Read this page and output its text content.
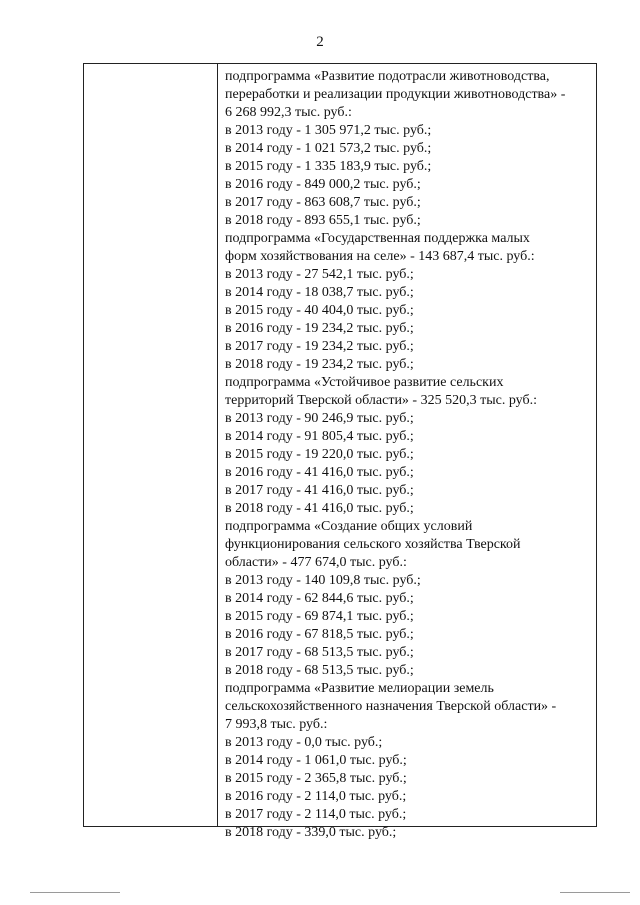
2
подпрограмма «Развитие подотрасли животноводства,
переработки и реализации продукции животноводства» -
6 268 992,3 тыс. руб.:
в 2013 году - 1 305 971,2 тыс. руб.;
в 2014 году - 1 021 573,2 тыс. руб.;
в 2015 году - 1 335 183,9 тыс. руб.;
в 2016 году - 849 000,2 тыс. руб.;
в 2017 году - 863 608,7 тыс. руб.;
в 2018 году - 893 655,1 тыс. руб.;
подпрограмма «Государственная поддержка малых
форм хозяйствования на селе» - 143 687,4 тыс. руб.:
в 2013 году - 27 542,1 тыс. руб.;
в 2014 году - 18 038,7 тыс. руб.;
в 2015 году - 40 404,0 тыс. руб.;
в 2016 году - 19 234,2 тыс. руб.;
в 2017 году - 19 234,2 тыс. руб.;
в 2018 году - 19 234,2 тыс. руб.;
подпрограмма «Устойчивое развитие сельских
территорий Тверской области» - 325 520,3 тыс. руб.:
в 2013 году - 90 246,9 тыс. руб.;
в 2014 году - 91 805,4 тыс. руб.;
в 2015 году - 19 220,0 тыс. руб.;
в 2016 году - 41 416,0 тыс. руб.;
в 2017 году - 41 416,0 тыс. руб.;
в 2018 году - 41 416,0 тыс. руб.;
подпрограмма «Создание общих условий
функционирования сельского хозяйства Тверской
области» - 477 674,0 тыс. руб.:
в 2013 году - 140 109,8 тыс. руб.;
в 2014 году - 62 844,6 тыс. руб.;
в 2015 году - 69 874,1 тыс. руб.;
в 2016 году - 67 818,5 тыс. руб.;
в 2017 году - 68 513,5 тыс. руб.;
в 2018 году - 68 513,5 тыс. руб.;
подпрограмма «Развитие мелиорации земель
сельскохозяйственного назначения Тверской области» -
7 993,8 тыс. руб.:
в 2013 году - 0,0 тыс. руб.;
в 2014 году - 1 061,0 тыс. руб.;
в 2015 году - 2 365,8 тыс. руб.;
в 2016 году - 2 114,0 тыс. руб.;
в 2017 году - 2 114,0 тыс. руб.;
в 2018 году - 339,0 тыс. руб.;
